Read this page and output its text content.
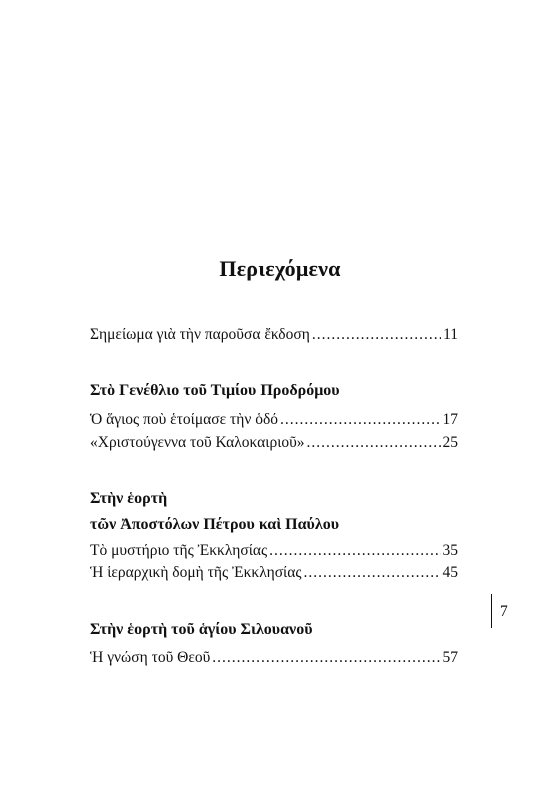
Περιεχόμενα
Σημείωμα γιὰ τὴν παροῦσα ἔκδοση .....	11
Στὸ Γενέθλιο τοῦ Τιμίου Προδρόμου
Ὁ ἅγιος ποὺ ἑτοίμασε τὴν ὁδό .....	17
«Χριστούγεννα τοῦ Καλοκαιριοῦ» .....	25
Στὴν ἑορτὴ
τῶν Ἀποστόλων Πέτρου καὶ Παύλου
Τὸ μυστήριο τῆς Ἐκκλησίας .....	35
Ἡ ἱεραρχικὴ δομὴ τῆς Ἐκκλησίας .....	45
Στὴν ἑορτὴ τοῦ ἁγίου Σιλουανοῦ
Ἡ γνώση τοῦ Θεοῦ .....	57
7
